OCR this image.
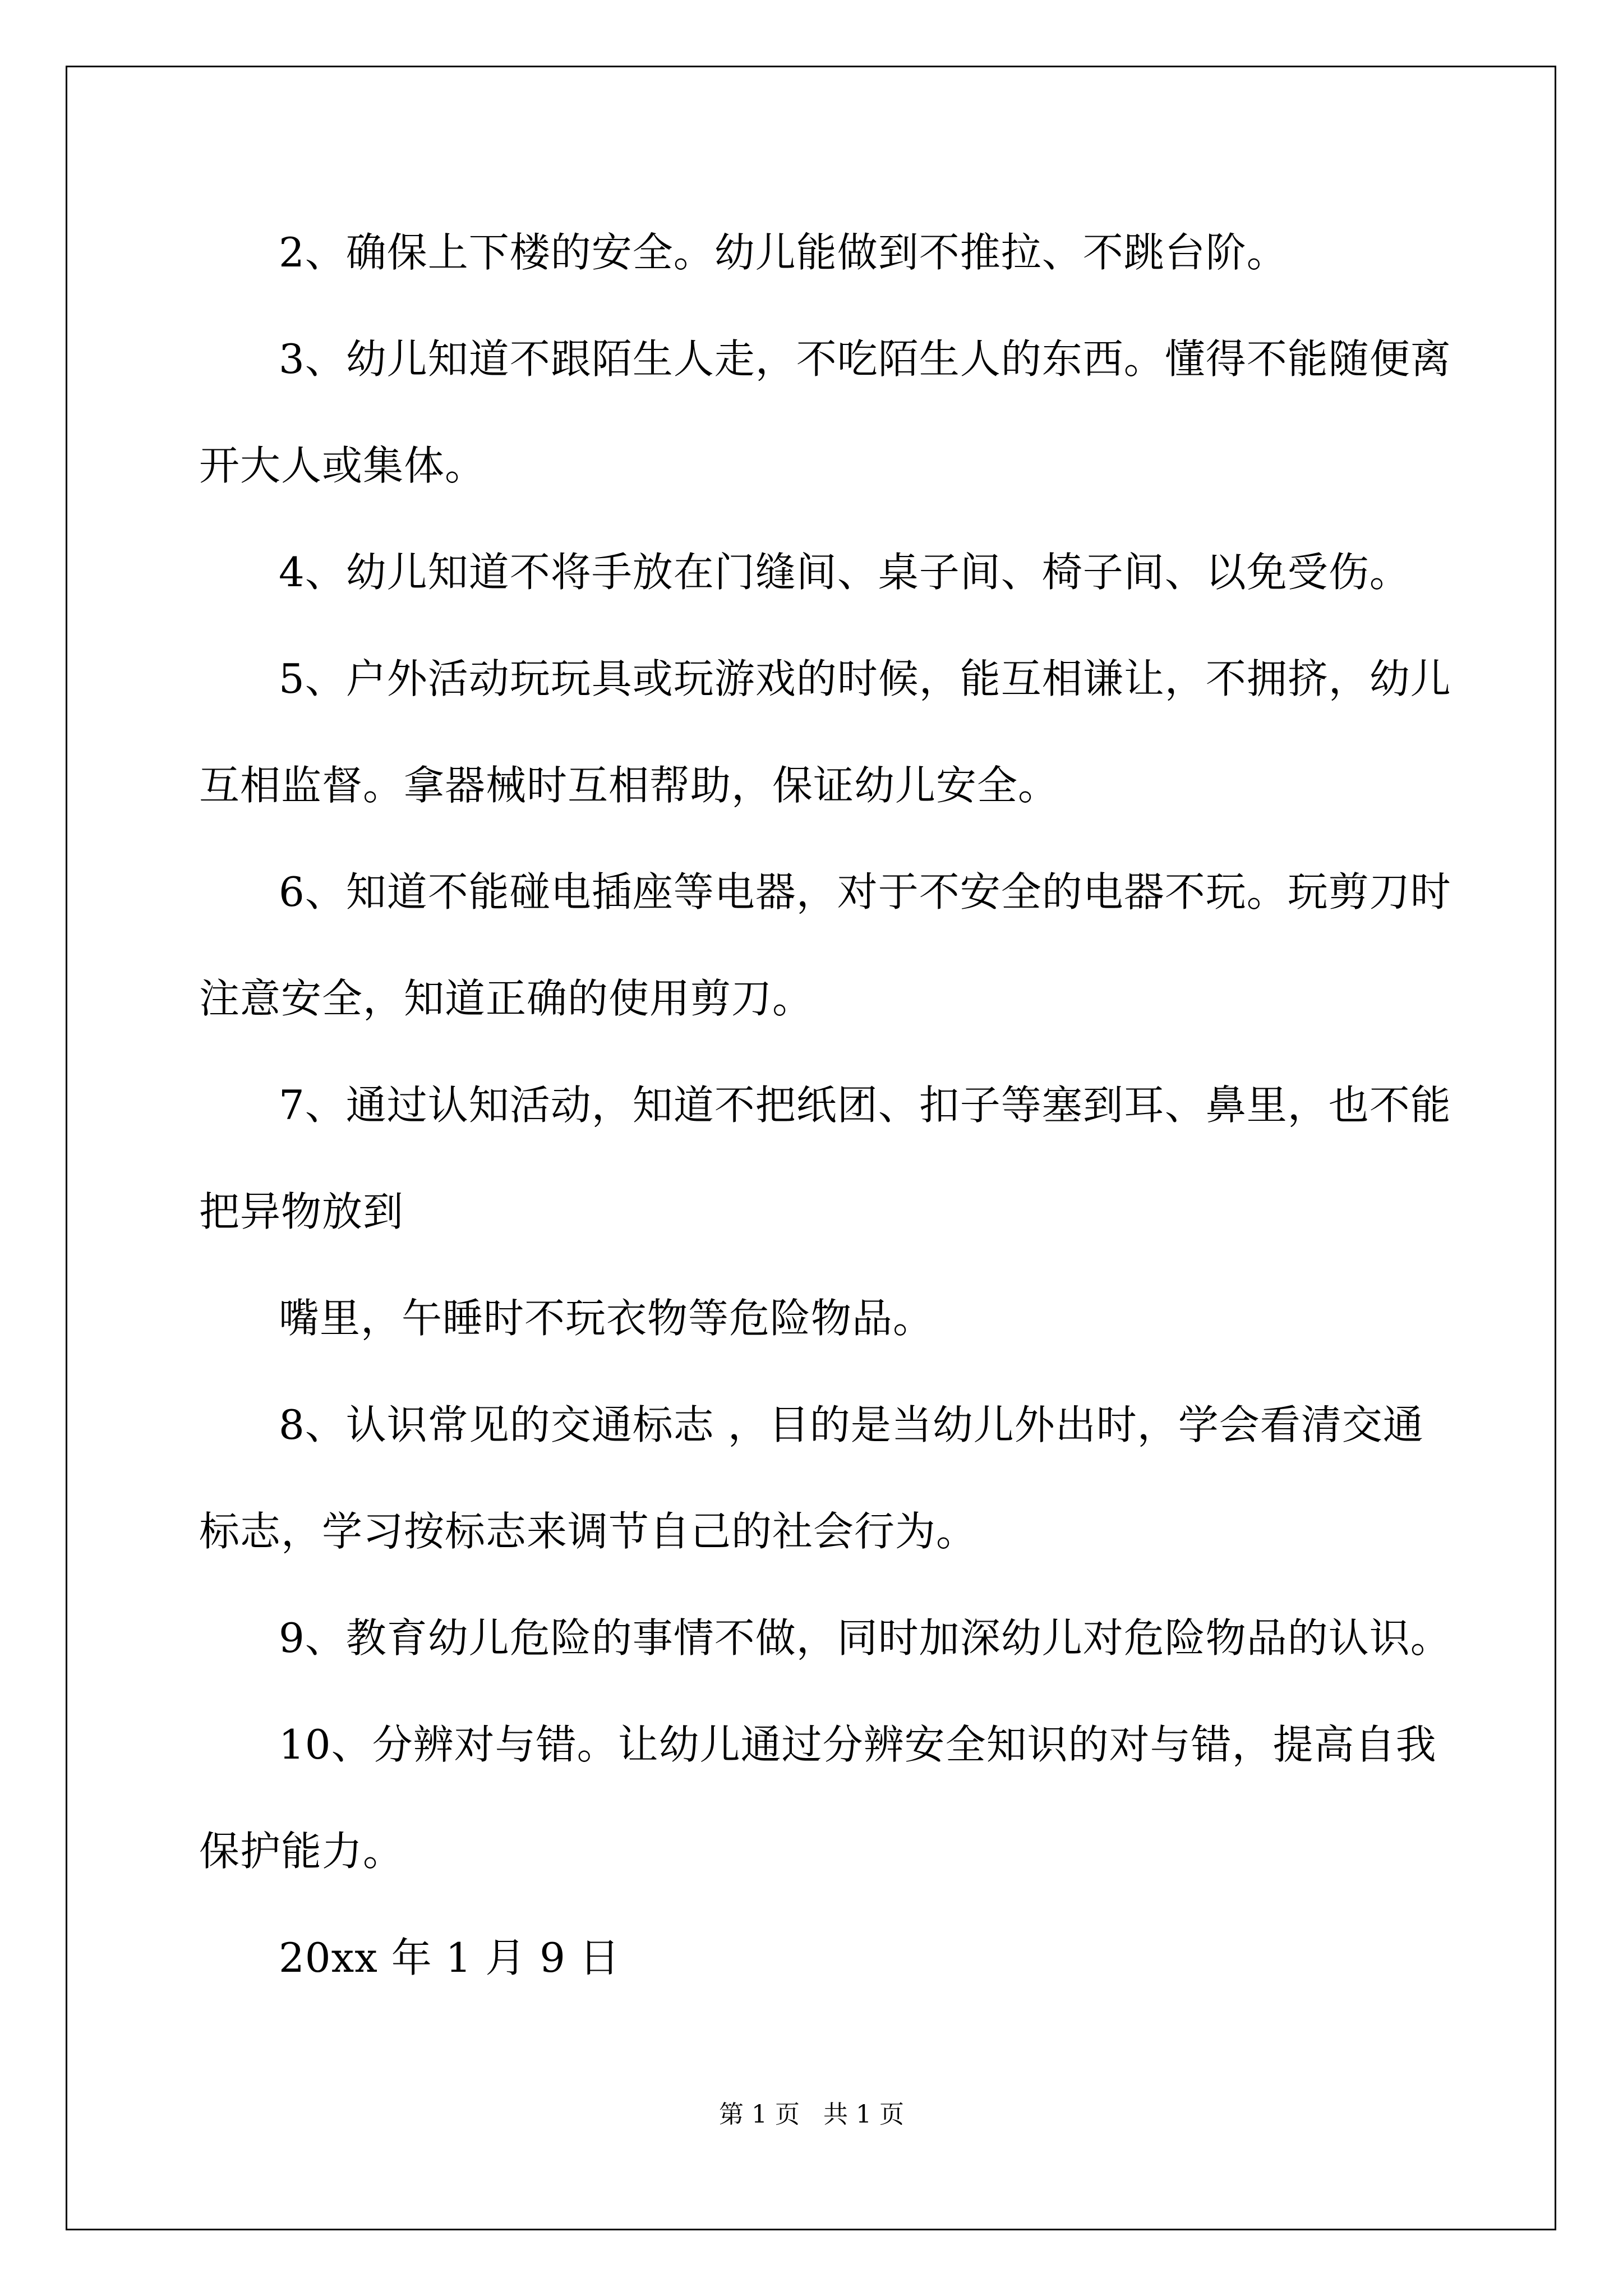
2、确保上下楼的安全。幼儿能做到不推拉、不跳台阶。
3、幼儿知道不跟陌生人走，不吃陌生人的东西。懂得不能随便离
开大人或集体。
4、幼儿知道不将手放在门缝间、桌子间、椅子间、以免受伤。
5、户外活动玩玩具或玩游戏的时候，能互相谦让，不拥挤，幼儿
互相监督。拿器械时互相帮助，保证幼儿安全。
6、知道不能碰电插座等电器，对于不安全的电器不玩。玩剪刀时
注意安全，知道正确的使用剪刀。
7、通过认知活动，知道不把纸团、扣子等塞到耳、鼻里，也不能
把异物放到
嘴里，午睡时不玩衣物等危险物品。
8、认识常见的交通标志 ，目的是当幼儿外出时，学会看清交通
标志，学习按标志来调节自己的社会行为。
9、教育幼儿危险的事情不做，同时加深幼儿对危险物品的认识。
10、分辨对与错。让幼儿通过分辨安全知识的对与错，提高自我
保护能力。
20xx 年 1 月 9 日
第 1 页   共 1 页
